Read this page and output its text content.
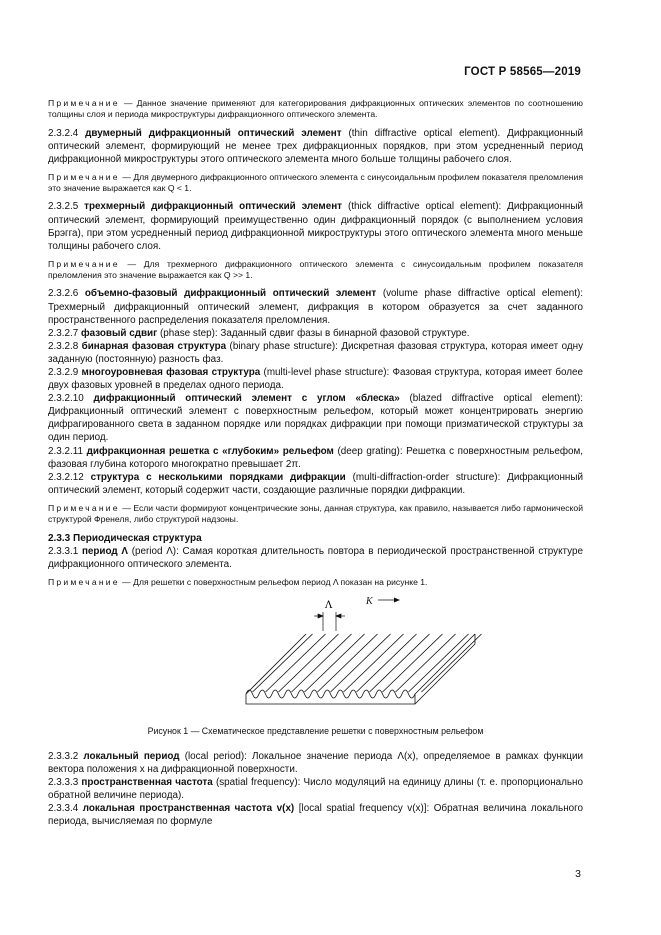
ГОСТ Р 58565—2019

Примечание — Данное значение применяют для категорирования дифракционных оптических элементов по соотношению толщины слоя и периода микроструктуры дифракционного оптического элемента.

2.3.2.4 двумерный дифракционный оптический элемент (thin diffractive optical element). Дифракционный оптический элемент, формирующий не менее трех дифракционных порядков, при этом усредненный период дифракционной микроструктуры этого оптического элемента много больше толщины рабочего слоя.

Примечание — Для двумерного дифракционного оптического элемента с синусоидальным профилем показателя преломления это значение выражается как Q < 1.

2.3.2.5 трехмерный дифракционный оптический элемент (thick diffractive optical element): Дифракционный оптический элемент, формирующий преимущественно один дифракционный порядок (с выполнением условия Брэгга), при этом усредненный период дифракционной микроструктуры этого оптического элемента много меньше толщины рабочего слоя.

Примечание — Для трехмерного дифракционного оптического элемента с синусоидальным профилем показателя преломления это значение выражается как Q >> 1.

2.3.2.6 объемно-фазовый дифракционный оптический элемент (volume phase diffractive optical element): Трехмерный дифракционный оптический элемент, дифракция в котором образуется за счет заданного пространственного распределения показателя преломления.

2.3.2.7 фазовый сдвиг (phase step): Заданный сдвиг фазы в бинарной фазовой структуре.

2.3.2.8 бинарная фазовая структура (binary phase structure): Дискретная фазовая структура, которая имеет одну заданную (постоянную) разность фаз.

2.3.2.9 многоуровневая фазовая структура (multi-level phase structure): Фазовая структура, которая имеет более двух фазовых уровней в пределах одного периода.

2.3.2.10 дифракционный оптический элемент с углом «блеска» (blazed diffractive optical element): Дифракционный оптический элемент с поверхностным рельефом, который может концентрировать энергию дифрагированного света в заданном порядке или порядках дифракции при помощи призматической структуры за один период.

2.3.2.11 дифракционная решетка с «глубоким» рельефом (deep grating): Решетка с поверхностным рельефом, фазовая глубина которого многократно превышает 2π.

2.3.2.12 структура с несколькими порядками дифракции (multi-diffraction-order structure): Дифракционный оптический элемент, который содержит части, создающие различные порядки дифракции.

Примечание — Если части формируют концентрические зоны, данная структура, как правило, называется либо гармонической структурой Френеля, либо структурой надзоны.

2.3.3 Периодическая структура

2.3.3.1 период Λ (period Λ): Самая короткая длительность повтора в периодической пространственной структуре дифракционного оптического элемента.

Примечание — Для решетки с поверхностным рельефом период Λ показан на рисунке 1.

Λ	K

Рисунок 1 — Схематическое представление решетки с поверхностным рельефом

2.3.3.2 локальный период (local period): Локальное значение периода Λ(x), определяемое в рамках функции вектора положения x на дифракционной поверхности.

2.3.3.3 пространственная частота (spatial frequency): Число модуляций на единицу длины (т. е. пропорционально обратной величине периода).

2.3.3.4 локальная пространственная частота v(x) [local spatial frequency v(x)]: Обратная величина локального периода, вычисляемая по формуле

3
